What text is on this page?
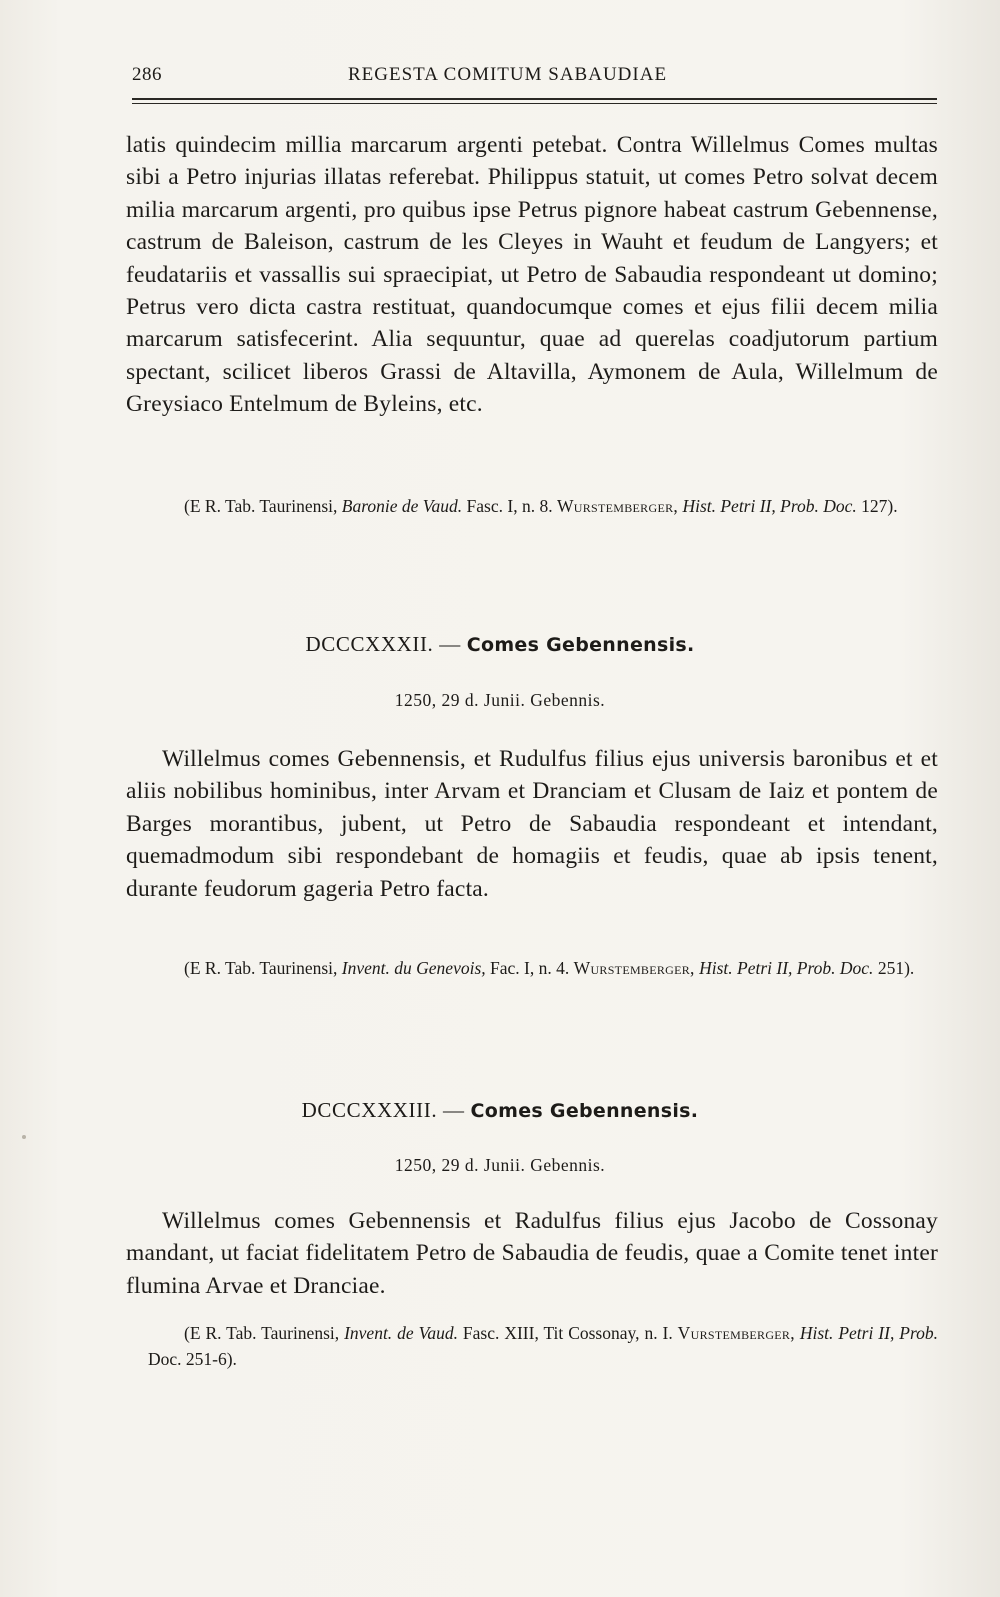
286	REGESTA COMITUM SABAUDIAE
latis quindecim millia marcarum argenti petebat. Contra Willelmus Comes multas sibi a Petro injurias illatas referebat. Philippus statuit, ut comes Petro solvat decem milia marcarum argenti, pro quibus ipse Petrus pignore habeat castrum Gebennense, castrum de Baleison, castrum de les Cleyes in Wauht et feudum de Langyers; et feudatariis et vassallis sui spraecipiat, ut Petro de Sabaudia respondeant ut domino; Petrus vero dicta castra restituat, quandocumque comes et ejus filii decem milia marcarum satisfecerint. Alia sequuntur, quae ad querelas coadjutorum partium spectant, scilicet liberos Grassi de Altavilla, Aymonem de Aula, Willelmum de Greysiaco Entelmum de Byleins, etc.
(E R. Tab. Taurinensi, Baronie de Vaud. Fasc. I, n. 8. Wurstemberger, Hist. Petri II, Prob. Doc. 127).
DCCCXXXII. — Comes Gebennensis.
1250, 29 d. Junii. Gebennis.
Willelmus comes Gebennensis, et Rudulfus filius ejus universis baronibus et et aliis nobilibus hominibus, inter Arvam et Dranciam et Clusam de Iaiz et pontem de Barges morantibus, jubent, ut Petro de Sabaudia respondeant et intendant, quemadmodum sibi respondebant de homagiis et feudis, quae ab ipsis tenent, durante feudorum gageria Petro facta.
(E R. Tab. Taurinensi, Invent. du Genevois, Fac. I, n. 4. Wurstemberger, Hist. Petri II, Prob. Doc. 251).
DCCCXXXIII. — Comes Gebennensis.
1250, 29 d. Junii. Gebennis.
Willelmus comes Gebennensis et Radulfus filius ejus Jacobo de Cossonay mandant, ut faciat fidelitatem Petro de Sabaudia de feudis, quae a Comite tenet inter flumina Arvae et Dranciae.
(E R. Tab. Taurinensi, Invent. de Vaud. Fasc. XIII, Tit Cossonay, n. I. Vurstemberger, Hist. Petri II, Prob. Doc. 251-6).
